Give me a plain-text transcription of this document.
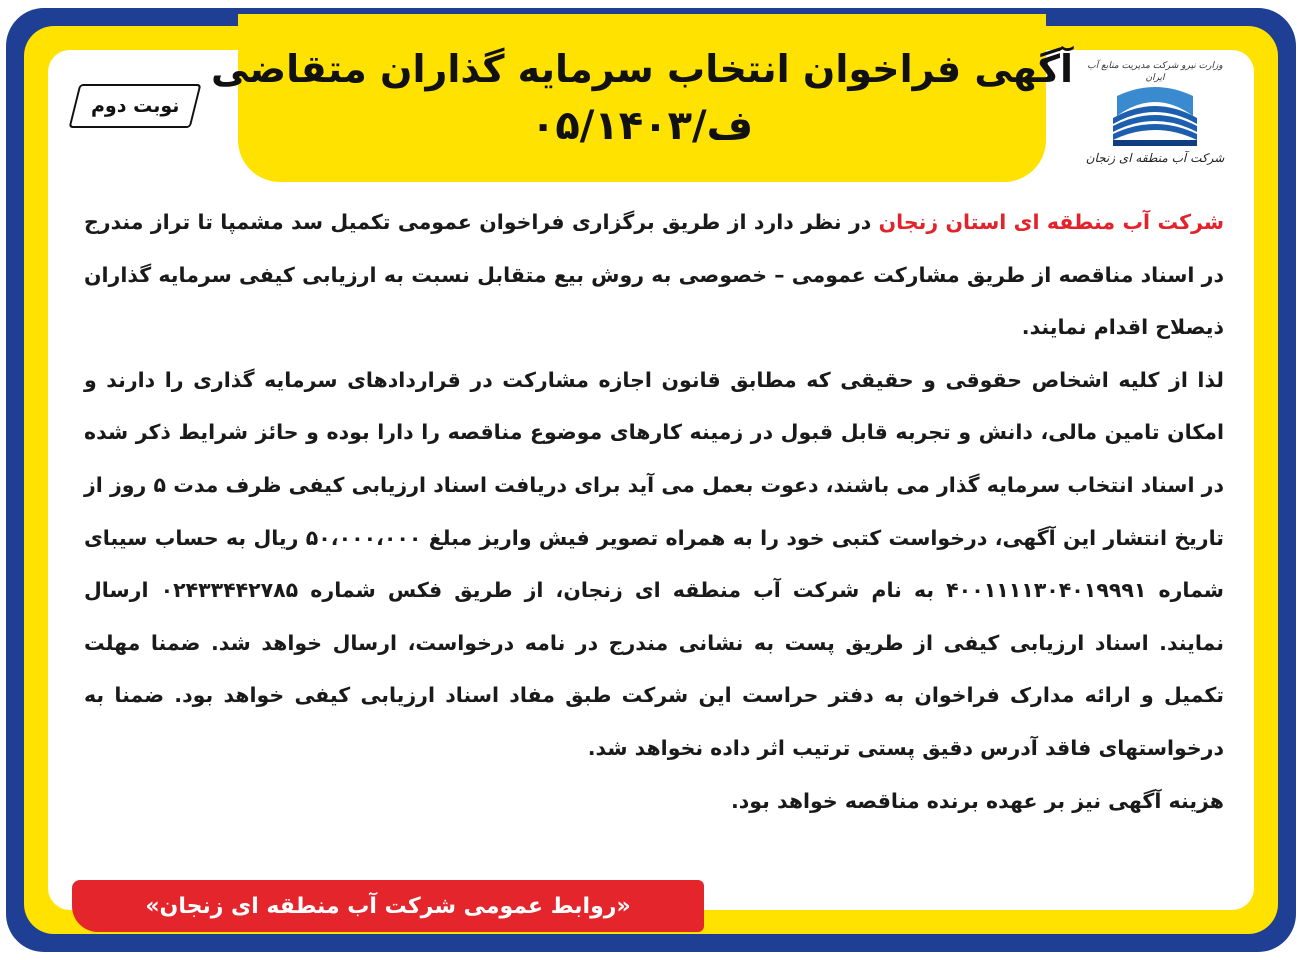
آگهی فراخوان انتخاب سرمایه گذاران متقاضی
ف/۰۵/۱۴۰۳
نوبت دوم
وزارت نیرو شرکت مدیریت منابع آب ایران
شرکت آب منطقه ای زنجان

شرکت آب منطقه ای استان زنجان در نظر دارد از طریق برگزاری فراخوان عمومی تکمیل سد مشمپا تا تراز مندرج در اسناد مناقصه از طریق مشارکت عمومی – خصوصی به روش بیع متقابل نسبت به ارزیابی کیفی سرمایه گذاران ذیصلاح اقدام نمایند.

لذا از کلیه اشخاص حقوقی و حقیقی که مطابق قانون اجازه مشارکت در قراردادهای سرمایه گذاری را دارند و امکان تامین مالی، دانش و تجربه قابل قبول در زمینه کارهای موضوع مناقصه را دارا بوده و حائز شرایط ذکر شده در اسناد انتخاب سرمایه گذار می باشند، دعوت بعمل می آید برای دریافت اسناد ارزیابی کیفی ظرف مدت ۵ روز از تاریخ انتشار این آگهی، درخواست کتبی خود را به همراه تصویر فیش واریز مبلغ ۵۰،۰۰۰،۰۰۰ ریال به حساب سیبای شماره ۴۰۰۱۱۱۱۳۰۴۰۱۹۹۹۱ به نام شرکت آب منطقه ای زنجان، از طریق فکس شماره ۰۲۴۳۳۴۴۲۷۸۵ ارسال نمایند. اسناد ارزیابی کیفی از طریق پست به نشانی مندرج در نامه درخواست، ارسال خواهد شد. ضمنا مهلت تکمیل و ارائه مدارک فراخوان به دفتر حراست این شرکت طبق مفاد اسناد ارزیابی کیفی خواهد بود. ضمنا به درخواستهای فاقد آدرس دقیق پستی ترتیب اثر داده نخواهد شد.

هزینه آگهی نیز بر عهده برنده مناقصه خواهد بود.

«روابط عمومی شرکت آب منطقه ای زنجان»
